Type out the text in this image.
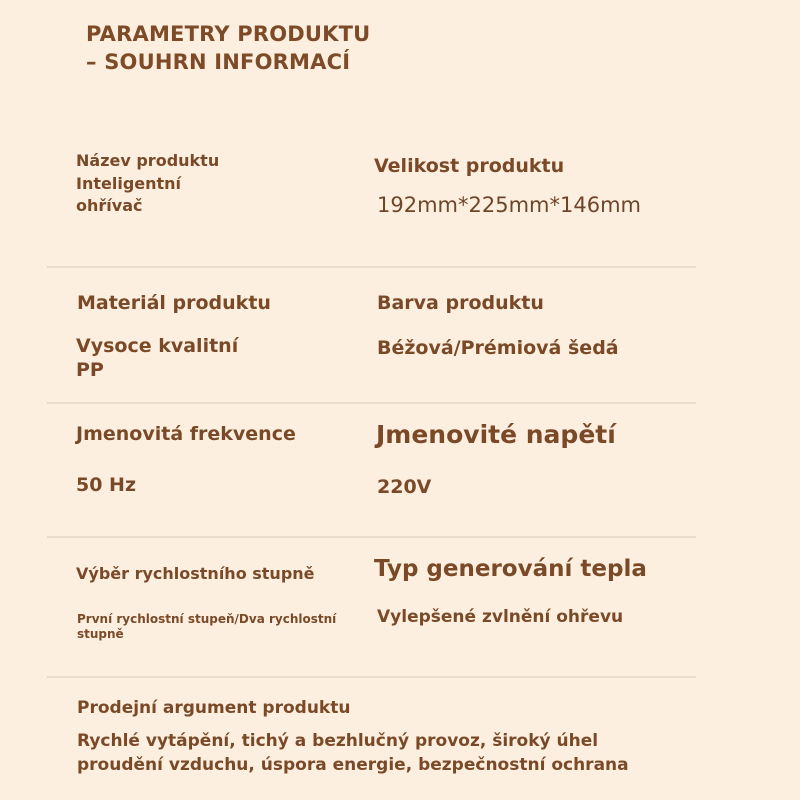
PARAMETRY PRODUKTU
– SOUHRN INFORMACÍ
Název produktu
Inteligentní ohřívač
Velikost produktu
192mm*225mm*146mm
Materiál produktu
Vysoce kvalitní PP
Barva produktu
Béžová/Prémiová šedá
Jmenovitá frekvence
50 Hz
Jmenovité napětí
220V
Výběr rychlostního stupně
První rychlostní stupeň/Dva rychlostní stupně
Typ generování tepla
Vylepšené zvlnění ohřevu
Prodejní argument produktu
Rychlé vytápění, tichý a bezhlučný provoz, široký úhel
proudění vzduchu, úspora energie, bezpečnostní ochrana
